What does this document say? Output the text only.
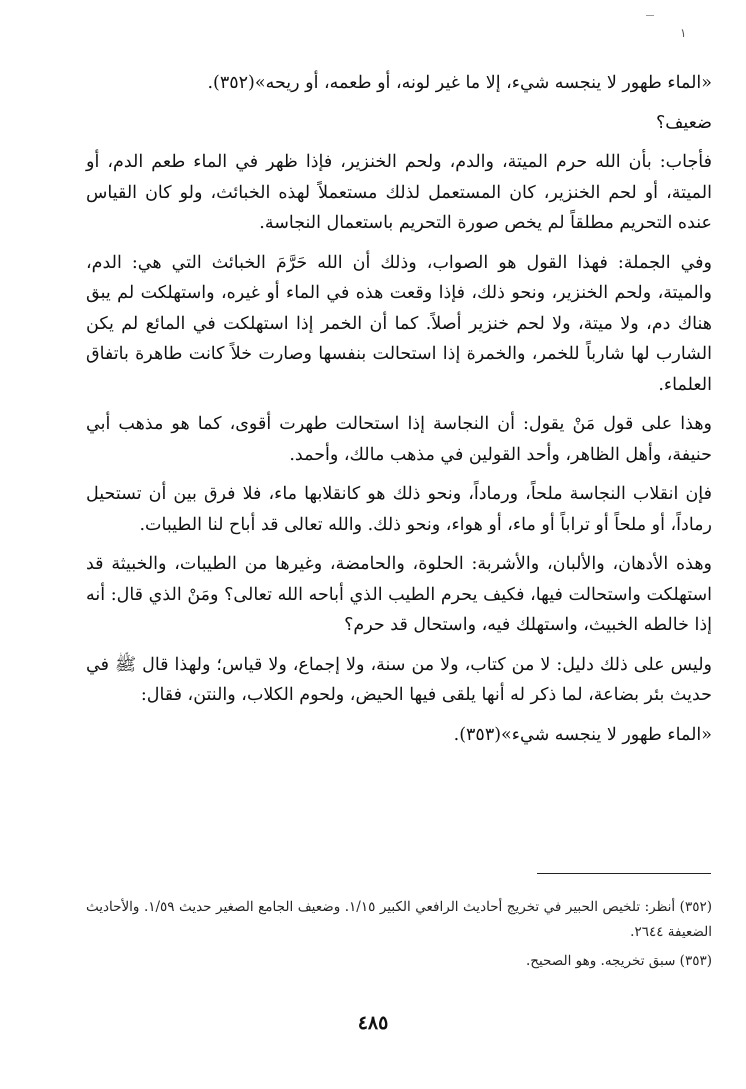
١

«الماء طهور لا ينجسه شيء، إلا ما غير لونه، أو طعمه، أو ريحه»(٣٥٢).

ضعيف؟

فأجاب: بأن الله حرم الميتة، والدم، ولحم الخنزير، فإذا ظهر في الماء طعم الدم، أو الميتة، أو لحم الخنزير، كان المستعمل لذلك مستعملاً لهذه الخبائث، ولو كان القياس عنده التحريم مطلقاً لم يخص صورة التحريم باستعمال النجاسة.

وفي الجملة: فهذا القول هو الصواب، وذلك أن الله حَرَّمَ الخبائث التي هي: الدم، والميتة، ولحم الخنزير، ونحو ذلك، فإذا وقعت هذه في الماء أو غيره، واستهلكت لم يبق هناك دم، ولا ميتة، ولا لحم خنزير أصلاً. كما أن الخمر إذا استهلكت في المائع لم يكن الشارب لها شارباً للخمر، والخمرة إذا استحالت بنفسها وصارت خلاً كانت طاهرة باتفاق العلماء.

وهذا على قول مَنْ يقول: أن النجاسة إذا استحالت طهرت أقوى، كما هو مذهب أبي حنيفة، وأهل الظاهر، وأحد القولين في مذهب مالك، وأحمد.

فإن انقلاب النجاسة ملحاً، ورماداً، ونحو ذلك هو كانقلابها ماء، فلا فرق بين أن تستحيل رماداً، أو ملحاً أو تراباً أو ماء، أو هواء، ونحو ذلك. والله تعالى قد أباح لنا الطيبات.

وهذه الأدهان، والألبان، والأشربة: الحلوة، والحامضة، وغيرها من الطيبات، والخبيثة قد استهلكت واستحالت فيها، فكيف يحرم الطيب الذي أباحه الله تعالى؟ ومَنْ الذي قال: أنه إذا خالطه الخبيث، واستهلك فيه، واستحال قد حرم؟

وليس على ذلك دليل: لا من كتاب، ولا من سنة، ولا إجماع، ولا قياس؛ ولهذا قال ﷺ في حديث بئر بضاعة، لما ذكر له أنها يلقى فيها الحيض، ولحوم الكلاب، والنتن، فقال:

«الماء طهور لا ينجسه شيء»(٣٥٣).

(٣٥٢) أنظر: تلخيص الحبير في تخريج أحاديث الرافعي الكبير ١/١٥. وضعيف الجامع الصغير حديث ١/٥٩. والأحاديث الضعيفة ٢٦٤٤.

(٣٥٣) سبق تخريجه. وهو الصحيح.

٤٨٥
